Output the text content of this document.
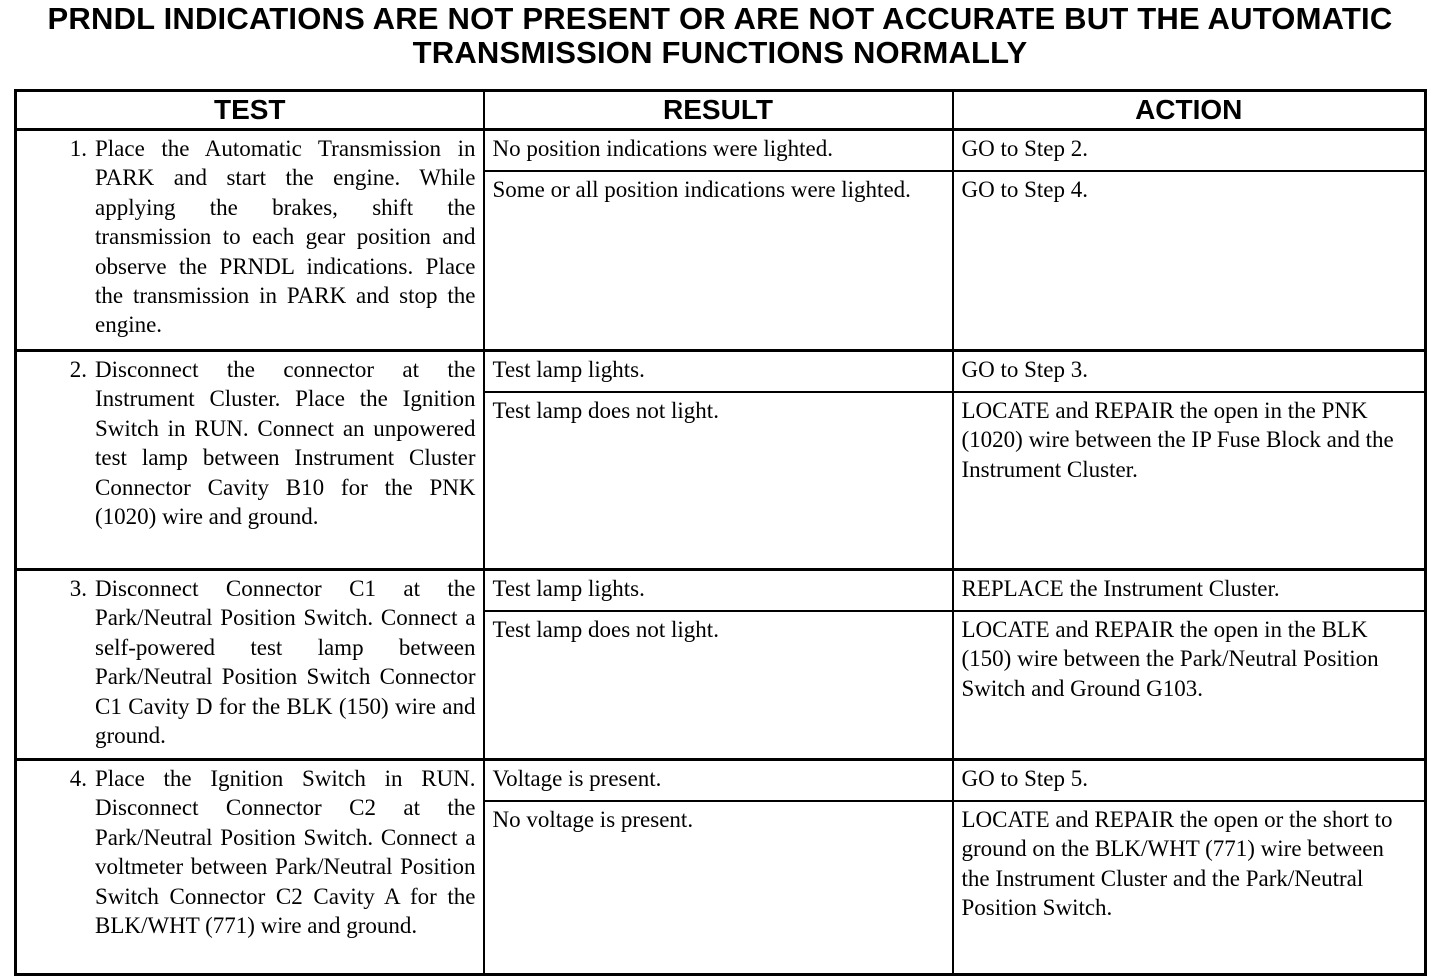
PRNDL INDICATIONS ARE NOT PRESENT OR ARE NOT ACCURATE BUT THE AUTOMATIC
TRANSMISSION FUNCTIONS NORMALLY
TEST	RESULT	ACTION

1. Place the Automatic Transmission in PARK and start the engine. While applying the brakes, shift the transmission to each gear position and observe the PRNDL indications. Place the transmission in PARK and stop the engine.	No position indications were lighted.	GO to Step 2.
	Some or all position indications were lighted.	GO to Step 4.

2. Disconnect the connector at the Instrument Cluster. Place the Ignition Switch in RUN. Connect an unpowered test lamp between Instrument Cluster Connector Cavity B10 for the PNK (1020) wire and ground.	Test lamp lights.	GO to Step 3.
	Test lamp does not light.	LOCATE and REPAIR the open in the PNK (1020) wire between the IP Fuse Block and the Instrument Cluster.

3. Disconnect Connector C1 at the Park/Neutral Position Switch. Connect a self-powered test lamp between Park/Neutral Position Switch Connector C1 Cavity D for the BLK (150) wire and ground.	Test lamp lights.	REPLACE the Instrument Cluster.
	Test lamp does not light.	LOCATE and REPAIR the open in the BLK (150) wire between the Park/Neutral Position Switch and Ground G103.

4. Place the Ignition Switch in RUN. Disconnect Connector C2 at the Park/Neutral Position Switch. Connect a voltmeter between Park/Neutral Position Switch Connector C2 Cavity A for the BLK/WHT (771) wire and ground.	Voltage is present.	GO to Step 5.
	No voltage is present.	LOCATE and REPAIR the open or the short to ground on the BLK/WHT (771) wire between the Instrument Cluster and the Park/Neutral Position Switch.
